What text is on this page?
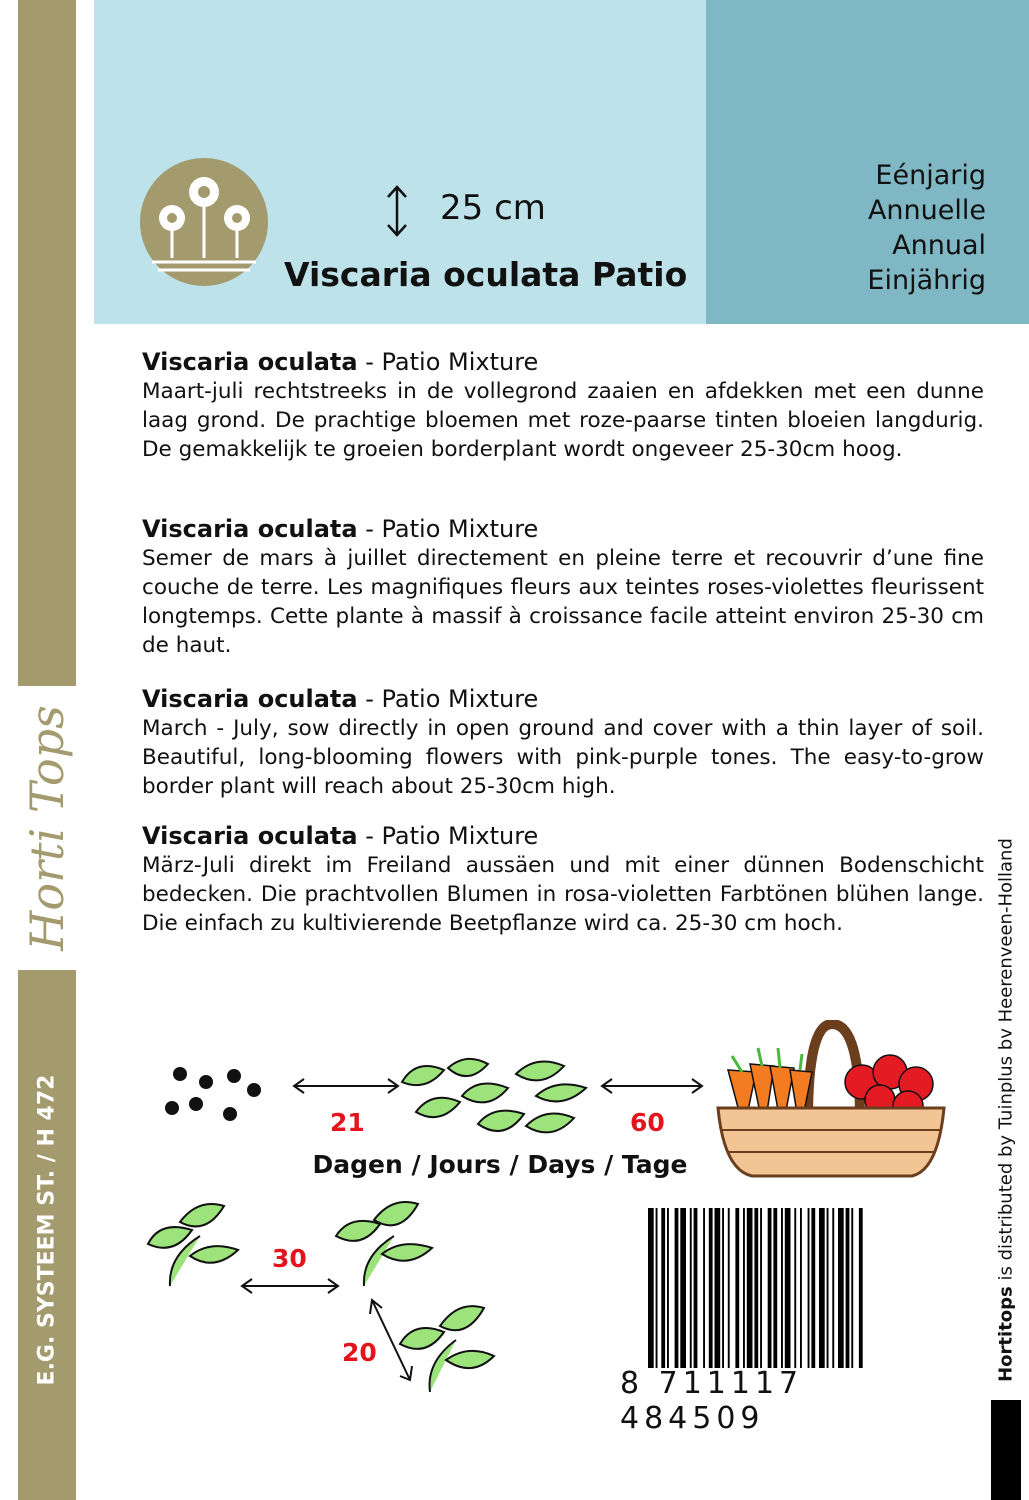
Horti Tops
E.G. SYSTEEM ST. / H 472
25 cm
Viscaria oculata Patio
Eénjarig
Annuelle
Annual
Einjährig
Viscaria oculata - Patio Mixture

Maart-juli rechtstreeks in de vollegrond zaaien en afdekken met een dunne laag grond. De prachtige bloemen met roze-paarse tinten bloeien langdurig. De gemakkelijk te groeien borderplant wordt ongeveer 25-30cm hoog.

Viscaria oculata - Patio Mixture

Semer de mars à juillet directement en pleine terre et recouvrir d’une fine couche de terre. Les magnifiques fleurs aux teintes roses-violettes fleurissent longtemps. Cette plante à massif à croissance facile atteint environ 25-30 cm de haut.

Viscaria oculata - Patio Mixture

March - July, sow directly in open ground and cover with a thin layer of soil. Beautiful, long-blooming flowers with pink-purple tones. The easy-to-grow border plant will reach about 25-30cm high.

Viscaria oculata - Patio Mixture

März-Juli direkt im Freiland aussäen und mit einer dünnen Bodenschicht bedecken. Die prachtvollen Blumen in rosa-violetten Farbtönen blühen lange. Die einfach zu kultivierende Beetpflanze wird ca. 25-30 cm hoch.

21	60
Dagen / Jours / Days / Tage
30
20
8 711117 484509
Hortitops is distributed by Tuinplus bv Heerenveen-Holland
